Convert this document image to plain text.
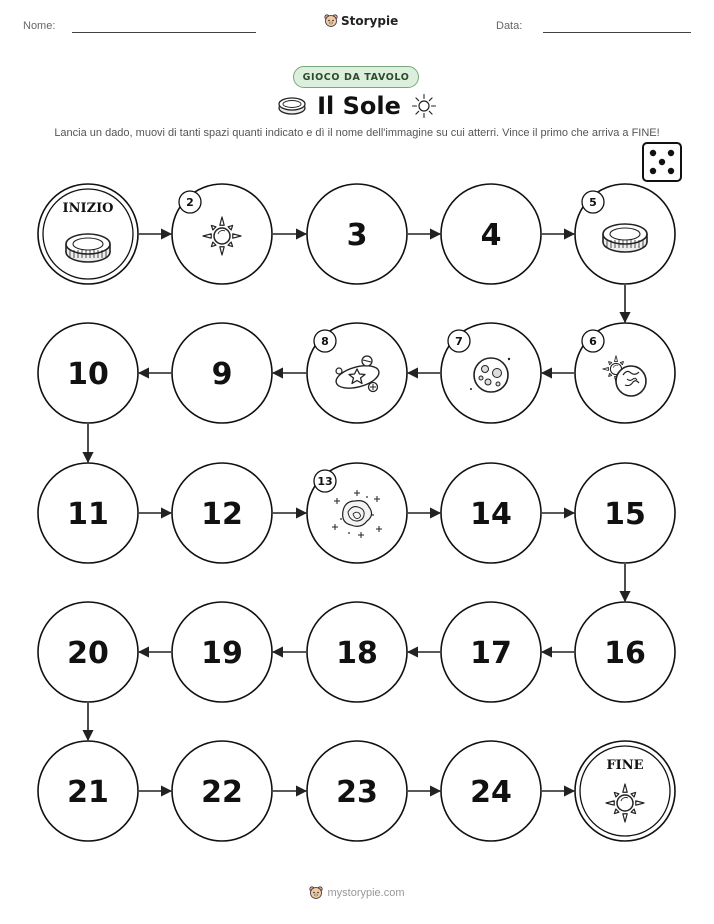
Nome:	Storypie	Data:
GIOCO DA TAVOLO
Il Sole
Lancia un dado, muovi di tanti spazi quanti indicato e dì il nome dell'immagine su cui atterri. Vince il primo che arriva a FINE!
INIZIO	2
3	4
5
6
7
8
9
10
11	12
13
14	15
16
17
18
19
20
21	22	23	24
FINE
mystorypie.com
